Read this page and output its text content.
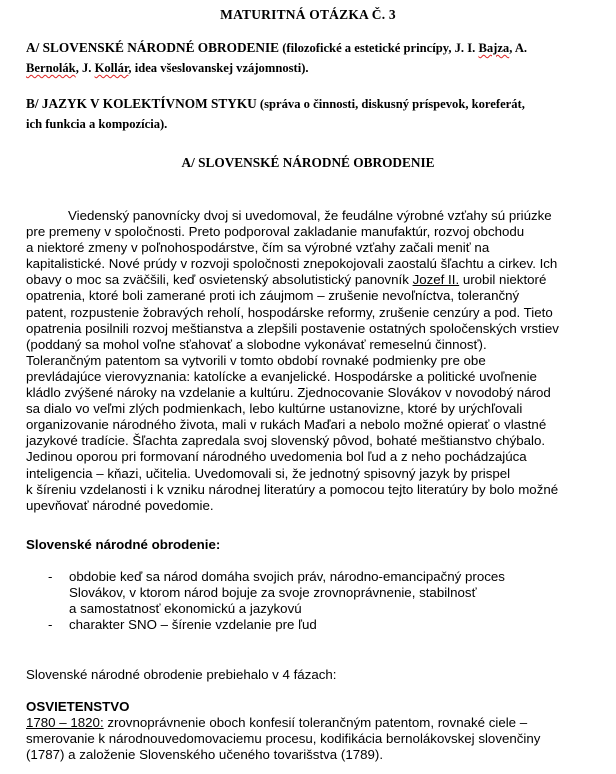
MATURITNÁ OTÁZKA Č. 3
A/ SLOVENSKÉ NÁRODNÉ OBRODENIE (filozofické a estetické princípy, J. I. Bajza, A.
Bernolák, J. Kollár, idea všeslovanskej vzájomnosti).
B/ JAZYK V KOLEKTÍVNOM STYKU (správa o činnosti, diskusný príspevok, koreferát,
ich funkcia a kompozícia).
A/ SLOVENSKÉ NÁRODNÉ OBRODENIE
Viedenský panovnícky dvoj si uvedomoval, že feudálne výrobné vzťahy sú priúzke
pre premeny v spoločnosti. Preto podporoval zakladanie manufaktúr, rozvoj obchodu
a niektoré zmeny v poľnohospodárstve, čím sa výrobné vzťahy začali meniť na
kapitalistické. Nové prúdy v rozvoji spoločnosti znepokojovali zaostalú šľachtu a cirkev. Ich
obavy o moc sa zväčšili, keď osvietenský absolutistický panovník Jozef II. urobil niektoré
opatrenia, ktoré boli zamerané proti ich záujmom – zrušenie nevoľníctva, tolerančný
patent, rozpustenie žobravých reholí, hospodárske reformy, zrušenie cenzúry a pod. Tieto
opatrenia posilnili rozvoj meštianstva a zlepšili postavenie ostatných spoločenských vrstiev
(poddaný sa mohol voľne sťahovať a slobodne vykonávať remeselnú činnosť).
Tolerančným patentom sa vytvorili v tomto období rovnaké podmienky pre obe
prevládajúce vierovyznania: katolícke a evanjelické. Hospodárske a politické uvoľnenie
kládlo zvýšené nároky na vzdelanie a kultúru. Zjednocovanie Slovákov v novodobý národ
sa dialo vo veľmi zlých podmienkach, lebo kultúrne ustanovizne, ktoré by urýchľovali
organizovanie národného života, mali v rukách Maďari a nebolo možné opierať o vlastné
jazykové tradície. Šľachta zapredala svoj slovenský pôvod, bohaté meštianstvo chýbalo.
Jedinou oporou pri formovaní národného uvedomenia bol ľud a z neho pochádzajúca
inteligencia – kňazi, učitelia. Uvedomovali si, že jednotný spisovný jazyk by prispel
k šíreniu vzdelanosti i k vzniku národnej literatúry a pomocou tejto literatúry by bolo možné
upevňovať národné povedomie.
Slovenské národné obrodenie:
- obdobie keď sa národ domáha svojich práv, národno-emancipačný proces
Slovákov, v ktorom národ bojuje za svoje zrovnoprávnenie, stabilnosť
a samostatnosť ekonomickú a jazykovú
- charakter SNO – šírenie vzdelanie pre ľud
Slovenské národné obrodenie prebiehalo v 4 fázach:
OSVIETENSTVO
1780 – 1820: zrovnoprávnenie oboch konfesií tolerančným patentom, rovnaké ciele –
smerovanie k národnouvedomovaciemu procesu, kodifikácia bernolákovskej slovenčiny
(1787) a založenie Slovenského učeného tovarišstva (1789).
